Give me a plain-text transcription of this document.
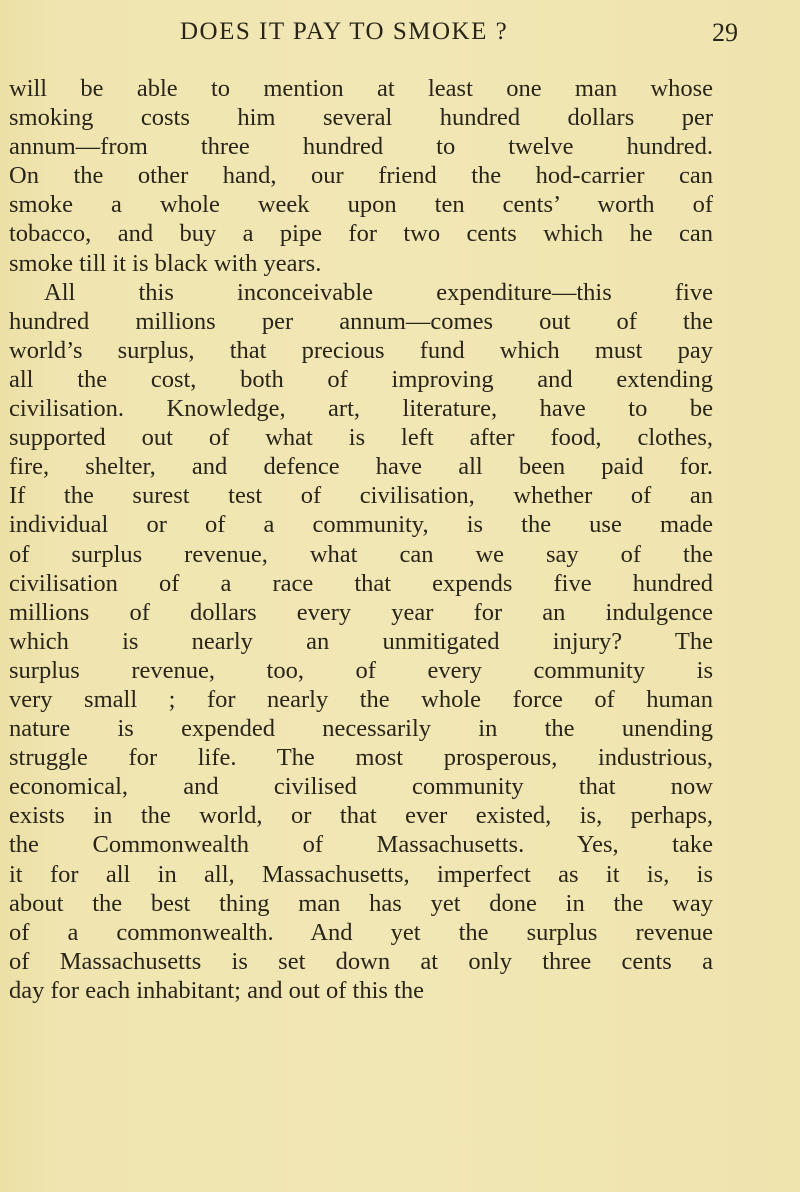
DOES IT PAY TO SMOKE ?	29
will be able to mention at least one man whose
smoking costs him several hundred dollars per
annum—from three hundred to twelve hundred.
On the other hand, our friend the hod-carrier can
smoke a whole week upon ten cents’ worth of
tobacco, and buy a pipe for two cents which he can
smoke till it is black with years.
All this inconceivable expenditure—this five
hundred millions per annum—comes out of the
world’s surplus, that precious fund which must pay
all the cost, both of improving and extending
civilisation. Knowledge, art, literature, have to be
supported out of what is left after food, clothes,
fire, shelter, and defence have all been paid for.
If the surest test of civilisation, whether of an
individual or of a community, is the use made
of surplus revenue, what can we say of the
civilisation of a race that expends five hundred
millions of dollars every year for an indulgence
which is nearly an unmitigated injury? The
surplus revenue, too, of every community is
very small ; for nearly the whole force of human
nature is expended necessarily in the unending
struggle for life. The most prosperous, industrious,
economical, and civilised community that now
exists in the world, or that ever existed, is, perhaps,
the Commonwealth of Massachusetts. Yes, take
it for all in all, Massachusetts, imperfect as it is, is
about the best thing man has yet done in the way
of a commonwealth. And yet the surplus revenue
of Massachusetts is set down at only three cents a
day for each inhabitant; and out of this the
